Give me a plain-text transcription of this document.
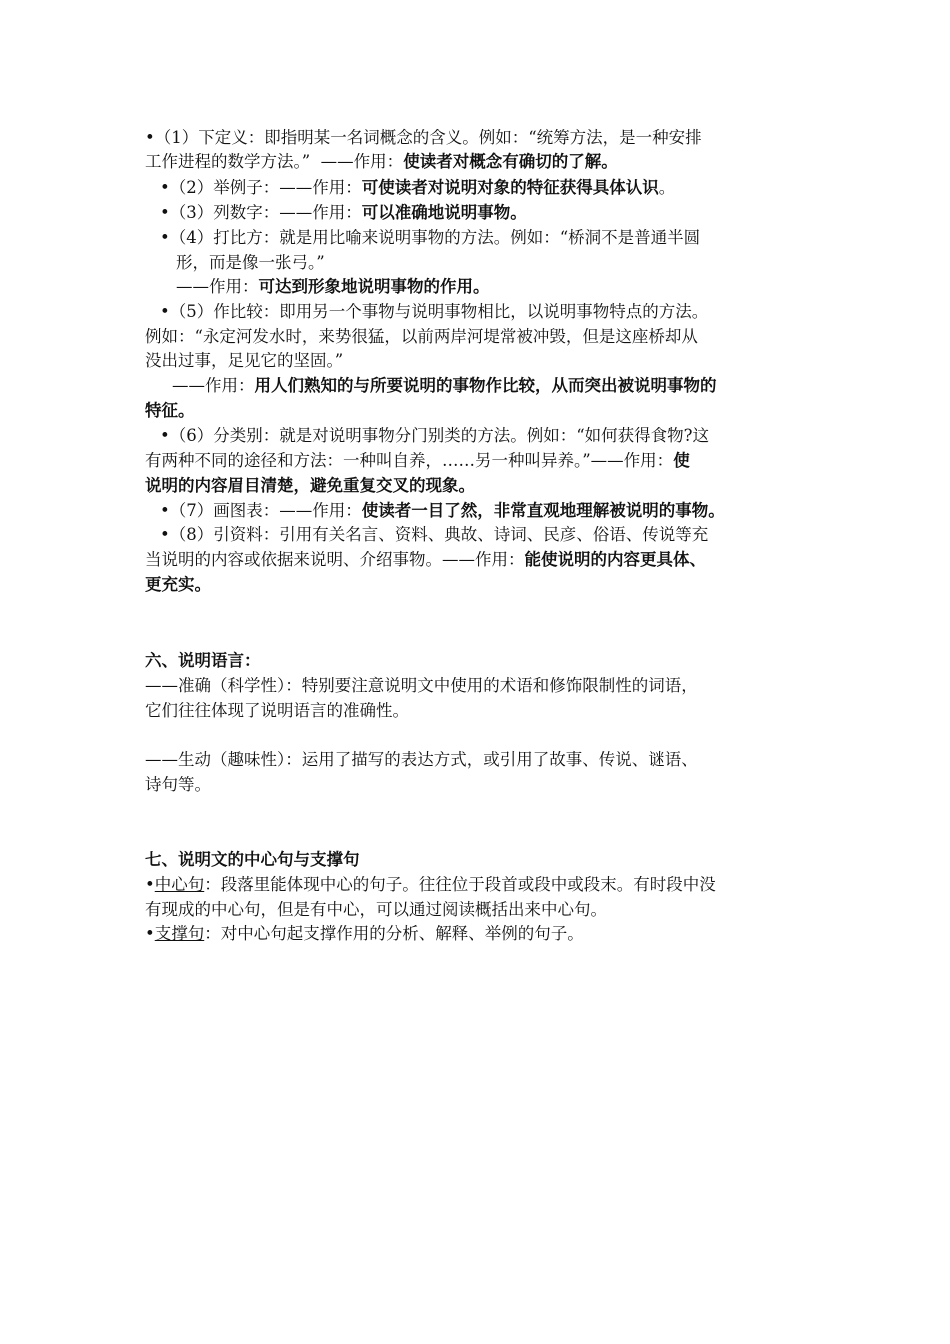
•（1）下定义：即指明某一名词概念的含义。例如：“统筹方法，是一种安排
工作进程的数学方法。”  ——作用：使读者对概念有确切的了解。
•（2）举例子：——作用：可使读者对说明对象的特征获得具体认识。
•（3）列数字：——作用：可以准确地说明事物。
•（4）打比方：就是用比喻来说明事物的方法。例如：“桥洞不是普通半圆
形，而是像一张弓。”
——作用：可达到形象地说明事物的作用。
•（5）作比较：即用另一个事物与说明事物相比，以说明事物特点的方法。
例如：“永定河发水时，来势很猛，以前两岸河堤常被冲毁，但是这座桥却从
没出过事，足见它的坚固。”
——作用：用人们熟知的与所要说明的事物作比较，从而突出被说明事物的
特征。
•（6）分类别：就是对说明事物分门别类的方法。例如：“如何获得食物?这
有两种不同的途径和方法：一种叫自养，……另一种叫异养。”——作用：使
说明的内容眉目清楚，避免重复交叉的现象。
•（7）画图表：——作用：使读者一目了然，非常直观地理解被说明的事物。
•（8）引资料：引用有关名言、资料、典故、诗词、民彦、俗语、传说等充
当说明的内容或依据来说明、介绍事物。——作用：能使说明的内容更具体、
更充实。
六、说明语言：
——准确（科学性）：特别要注意说明文中使用的术语和修饰限制性的词语，
它们往往体现了说明语言的准确性。
——生动（趣味性）：运用了描写的表达方式，或引用了故事、传说、谜语、
诗句等。
七、说明文的中心句与支撑句
•中心句：段落里能体现中心的句子。往往位于段首或段中或段末。有时段中没
有现成的中心句，但是有中心，可以通过阅读概括出来中心句。
•支撑句：对中心句起支撑作用的分析、解释、举例的句子。
